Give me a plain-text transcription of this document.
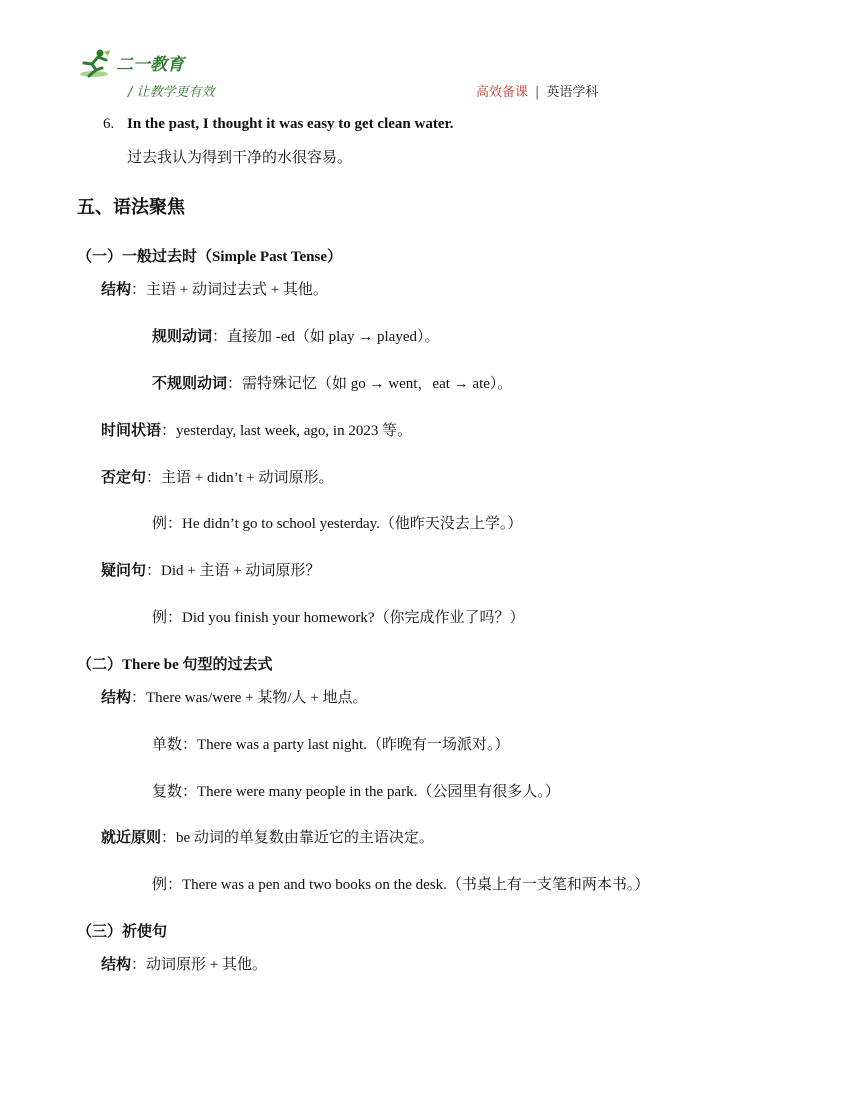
二一教育
/ 让教学更有效	高效备课 | 英语学科
6. In the past, I thought it was easy to get clean water.
过去我认为得到干净的水很容易。
五、语法聚焦
（一）一般过去时（Simple Past Tense）
结构：主语 + 动词过去式 + 其他。
规则动词：直接加 -ed（如 play → played）。
不规则动词：需特殊记忆（如 go → went，eat → ate）。
时间状语：yesterday, last week, ago, in 2023 等。
否定句：主语 + didn’t + 动词原形。
例：He didn’t go to school yesterday.（他昨天没去上学。）
疑问句：Did + 主语 + 动词原形？
例：Did you finish your homework?（你完成作业了吗？）
（二）There be 句型的过去式
结构：There was/were + 某物/人 + 地点。
单数：There was a party last night.（昨晚有一场派对。）
复数：There were many people in the park.（公园里有很多人。）
就近原则：be 动词的单复数由靠近它的主语决定。
例：There was a pen and two books on the desk.（书桌上有一支笔和两本书。）
（三）祈使句
结构：动词原形 + 其他。
